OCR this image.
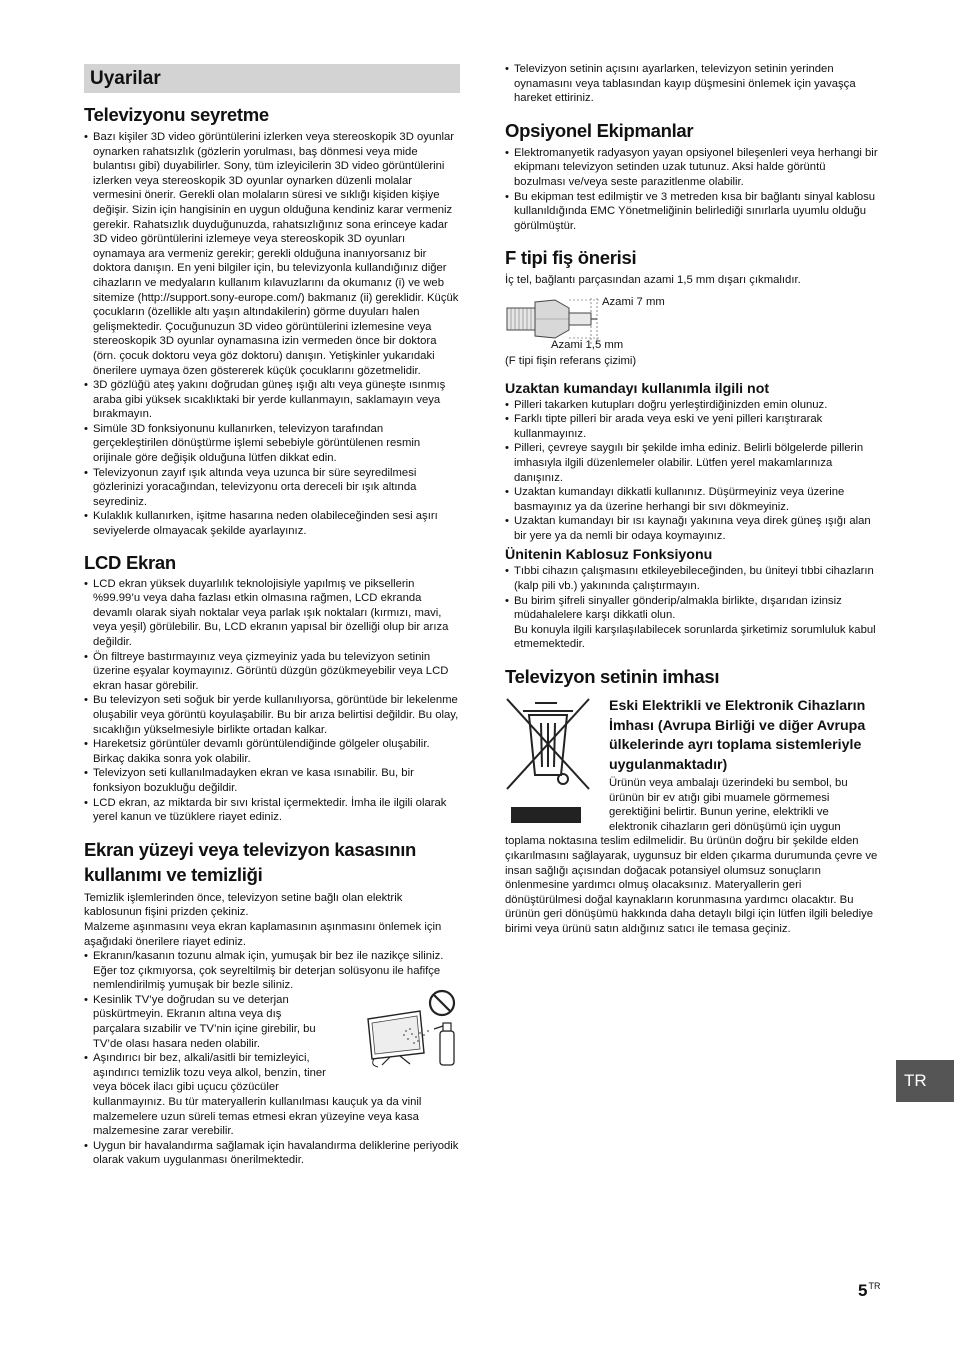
Uyarilar
Televizyonu seyretme
• Bazı kişiler 3D video görüntülerini izlerken veya stereoskopik 3D oyunlar oynarken rahatsızlık (gözlerin yorulması, baş dönmesi veya mide bulantısı gibi) duyabilirler. Sony, tüm izleyicilerin 3D video görüntülerini izlerken veya stereoskopik 3D oyunlar oynarken düzenli molalar vermesini önerir. Gerekli olan molaların süresi ve sıklığı kişiden kişiye değişir. Sizin için hangisinin en uygun olduğuna kendiniz karar vermeniz gerekir. Rahatsızlık duyduğunuzda, rahatsızlığınız sona erinceye kadar 3D video görüntülerini izlemeye veya stereoskopik 3D oyunları oynamaya ara vermeniz gerekir; gerekli olduğuna inanıyorsanız bir doktora danışın. En yeni bilgiler için, bu televizyonla kullandığınız diğer cihazların ve medyaların kullanım kılavuzlarını da okumanız (i) ve web sitemize (http://support.sony-europe.com/) bakmanız (ii) gereklidir. Küçük çocukların (özellikle altı yaşın altındakilerin) görme duyuları halen gelişmektedir. Çocuğunuzun 3D video görüntülerini izlemesine veya stereoskopik 3D oyunlar oynamasına izin vermeden önce bir doktora (örn. çocuk doktoru veya göz doktoru) danışın. Yetişkinler yukarıdaki önerilere uymaya özen göstererek küçük çocuklarını gözetmelidir.
• 3D gözlüğü ateş yakını doğrudan güneş ışığı altı veya güneşte ısınmış araba gibi yüksek sıcaklıktaki bir yerde kullanmayın, saklamayın veya bırakmayın.
• Simüle 3D fonksiyonunu kullanırken, televizyon tarafından gerçekleştirilen dönüştürme işlemi sebebiyle görüntülenen resmin orijinale göre değişik olduğuna lütfen dikkat edin.
• Televizyonun zayıf ışık altında veya uzunca bir süre seyredilmesi gözlerinizi yoracağından, televizyonu orta dereceli bir ışık altında seyrediniz.
• Kulaklık kullanırken, işitme hasarına neden olabileceğinden sesi aşırı seviyelerde olmayacak şekilde ayarlayınız.
LCD Ekran
• LCD ekran yüksek duyarlılık teknolojisiyle yapılmış ve piksellerin %99.99’u veya daha fazlası etkin olmasına rağmen, LCD ekranda devamlı olarak siyah noktalar veya parlak ışık noktaları (kırmızı, mavi, veya yeşil) görülebilir. Bu, LCD ekranın yapısal bir özelliği olup bir arıza değildir.
• Ön filtreye bastırmayınız veya çizmeyiniz yada bu televizyon setinin üzerine eşyalar koymayınız. Görüntü düzgün gözükmeyebilir veya LCD ekran hasar görebilir.
• Bu televizyon seti soğuk bir yerde kullanılıyorsa, görüntüde bir lekelenme oluşabilir veya görüntü koyulaşabilir. Bu bir arıza belirtisi değildir. Bu olay, sıcaklığın yükselmesiyle birlikte ortadan kalkar.
• Hareketsiz görüntüler devamlı görüntülendiğinde gölgeler oluşabilir. Birkaç dakika sonra yok olabilir.
• Televizyon seti kullanılmadayken ekran ve kasa ısınabilir. Bu, bir fonksiyon bozukluğu değildir.
• LCD ekran, az miktarda bir sıvı kristal içermektedir. İmha ile ilgili olarak yerel kanun ve tüzüklere riayet ediniz.
Ekran yüzeyi veya televizyon kasasının kullanımı ve temizliği

Temizlik işlemlerinden önce, televizyon setine bağlı olan elektrik kablosunun fişini prizden çekiniz.

Malzeme aşınmasını veya ekran kaplamasının aşınmasını önlemek için aşağıdaki önerilere riayet ediniz.

• Ekranın/kasanın tozunu almak için, yumuşak bir bez ile nazikçe siliniz. Eğer toz çıkmıyorsa, çok seyreltilmiş bir deterjan solüsyonu ile hafifçe nemlendirilmiş yumuşak bir bezle siliniz.
• Kesinlik TV’ye doğrudan su ve deterjan püskürtmeyin. Ekranın altına veya dış parçalara sızabilir ve TV’nin içine girebilir, bu TV’de olası hasara neden olabilir.
• Aşındırıcı bir bez, alkali/asitli bir temizleyici, aşındırıcı temizlik tozu veya alkol, benzin, tiner veya böcek ilacı gibi uçucu çözücüler

kullanmayınız. Bu tür materyallerin kullanılması kauçuk ya da vinil malzemelere uzun süreli temas etmesi ekran yüzeyine veya kasa malzemesine zarar verebilir.

• Uygun bir havalandırma sağlamak için havalandırma deliklerine periyodik olarak vakum uygulanması önerilmektedir.
• Televizyon setinin açısını ayarlarken, televizyon setinin yerinden oynamasını veya tablasından kayıp düşmesini önlemek için yavaşça hareket ettiriniz.
Opsiyonel Ekipmanlar
• Elektromanyetik radyasyon yayan opsiyonel bileşenleri veya herhangi bir ekipmanı televizyon setinden uzak tutunuz. Aksi halde görüntü bozulması ve/veya seste parazitlenme olabilir.
• Bu ekipman test edilmiştir ve 3 metreden kısa bir bağlantı sinyal kablosu kullanıldığında EMC Yönetmeliğinin belirlediği sınırlarla uyumlu olduğu görülmüştür.
F tipi fiş önerisi

İç tel, bağlantı parçasından azami 1,5 mm dışarı çıkmalıdır.

Azami 7 mm
Azami 1,5 mm

(F tipi fişin referans çizimi)

Uzaktan kumandayı kullanımla ilgili not
• Pilleri takarken kutupları doğru yerleştirdiğinizden emin olunuz.
• Farklı tipte pilleri bir arada veya eski ve yeni pilleri karıştırarak kullanmayınız.
• Pilleri, çevreye saygılı bir şekilde imha ediniz. Belirli bölgelerde pillerin imhasıyla ilgili düzenlemeler olabilir. Lütfen yerel makamlarınıza danışınız.
• Uzaktan kumandayı dikkatli kullanınız. Düşürmeyiniz veya üzerine basmayınız ya da üzerine herhangi bir sıvı dökmeyiniz.
• Uzaktan kumandayı bir ısı kaynağı yakınına veya direk güneş ışığı alan bir yere ya da nemli bir odaya koymayınız.
Ünitenin Kablosuz Fonksiyonu
• Tıbbi cihazın çalışmasını etkileyebileceğinden, bu üniteyi tıbbi cihazların (kalp pili vb.) yakınında çalıştırmayın.
• Bu birim şifreli sinyaller gönderip/almakla birlikte, dışarıdan izinsiz müdahalelere karşı dikkatli olun.

Bu konuyla ilgili karşılaşılabilecek sorunlarda şirketimiz sorumluluk kabul etmemektedir.

Televizyon setinin imhası
Eski Elektrikli ve Elektronik Cihazların İmhası (Avrupa Birliği ve diğer Avrupa ülkelerinde ayrı toplama sistemleriyle uygulanmaktadır)

Ürünün veya ambalajı üzerindeki bu sembol, bu ürünün bir ev atığı gibi muamele görmemesi gerektiğini belirtir. Bunun yerine, elektrikli ve elektronik cihazların geri dönüşümü için uygun

toplama noktasına teslim edilmelidir. Bu ürünün doğru bir şekilde elden çıkarılmasını sağlayarak, uygunsuz bir elden çıkarma durumunda çevre ve insan sağlığı açısından doğacak potansiyel olumsuz sonuçların önlenmesine yardımcı olmuş olacaksınız. Materyallerin geri dönüştürülmesi doğal kaynakların korunmasına yardımcı olacaktır. Bu ürünün geri dönüşümü hakkında daha detaylı bilgi için lütfen ilgili belediye birimi veya ürünü satın aldığınız satıcı ile temasa geçiniz.

TR
$5^{TR}$
